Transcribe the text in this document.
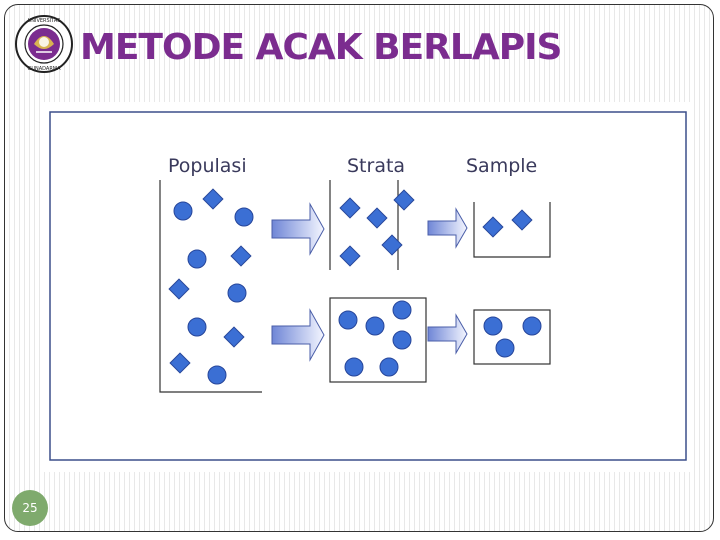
UNIVERSITAS
GUNADARMA
METODE ACAK BERLAPIS
Populasi	Strata	Sample
25
